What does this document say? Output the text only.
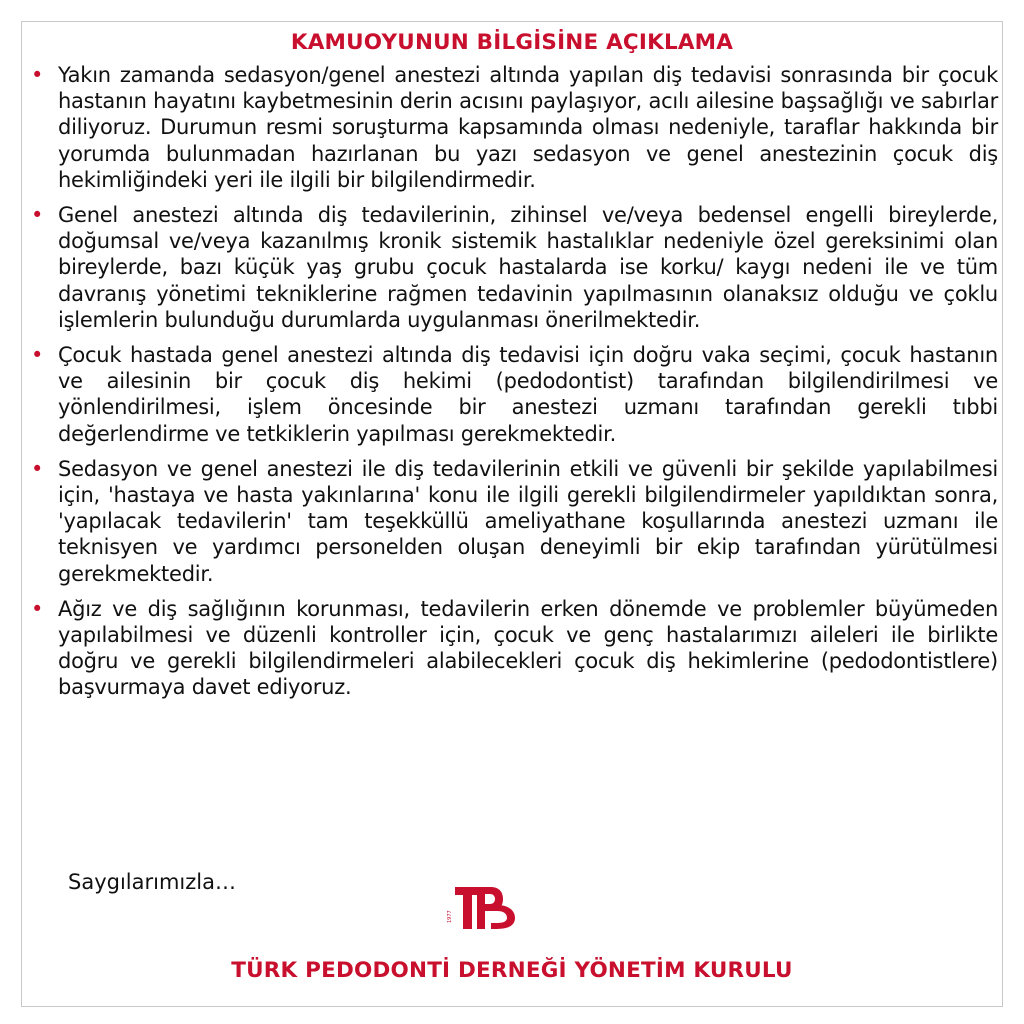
KAMUOYUNUN BİLGİSİNE AÇIKLAMA
• Yakın zamanda sedasyon/genel anestezi altında yapılan diş tedavisi sonrasında bir çocuk hastanın hayatını kaybetmesinin derin acısını paylaşıyor, acılı ailesine başsağlığı ve sabırlar diliyoruz. Durumun resmi soruşturma kapsamında olması nedeniyle, taraflar hakkında bir yorumda bulunmadan hazırlanan bu yazı sedasyon ve genel anestezinin çocuk diş hekimliğindeki yeri ile ilgili bir bilgilendirmedir.
• Genel anestezi altında diş tedavilerinin, zihinsel ve/veya bedensel engelli bireylerde, doğumsal ve/veya kazanılmış kronik sistemik hastalıklar nedeniyle özel gereksinimi olan bireylerde, bazı küçük yaş grubu çocuk hastalarda ise korku/ kaygı nedeni ile ve tüm davranış yönetimi tekniklerine rağmen tedavinin yapılmasının olanaksız olduğu ve çoklu işlemlerin bulunduğu durumlarda uygulanması önerilmektedir.
• Çocuk hastada genel anestezi altında diş tedavisi için doğru vaka seçimi, çocuk hastanın ve ailesinin bir çocuk diş hekimi (pedodontist) tarafından bilgilendirilmesi ve yönlendirilmesi, işlem öncesinde bir anestezi uzmanı tarafından gerekli tıbbi değerlendirme ve tetkiklerin yapılması gerekmektedir.
• Sedasyon ve genel anestezi ile diş tedavilerinin etkili ve güvenli bir şekilde yapılabilmesi için, 'hastaya ve hasta yakınlarına' konu ile ilgili gerekli bilgilendirmeler yapıldıktan sonra, 'yapılacak tedavilerin' tam teşekküllü ameliyathane koşullarında anestezi uzmanı ile teknisyen ve yardımcı personelden oluşan deneyimli bir ekip tarafından yürütülmesi gerekmektedir.
• Ağız ve diş sağlığının korunması, tedavilerin erken dönemde ve problemler büyümeden yapılabilmesi ve düzenli kontroller için, çocuk ve genç hastalarımızı aileleri ile birlikte doğru ve gerekli bilgilendirmeleri alabilecekleri çocuk diş hekimlerine (pedodontistlere) başvurmaya davet ediyoruz.
Saygılarımızla…
1977
TÜRK PEDODONTİ DERNEĞİ YÖNETİM KURULU
